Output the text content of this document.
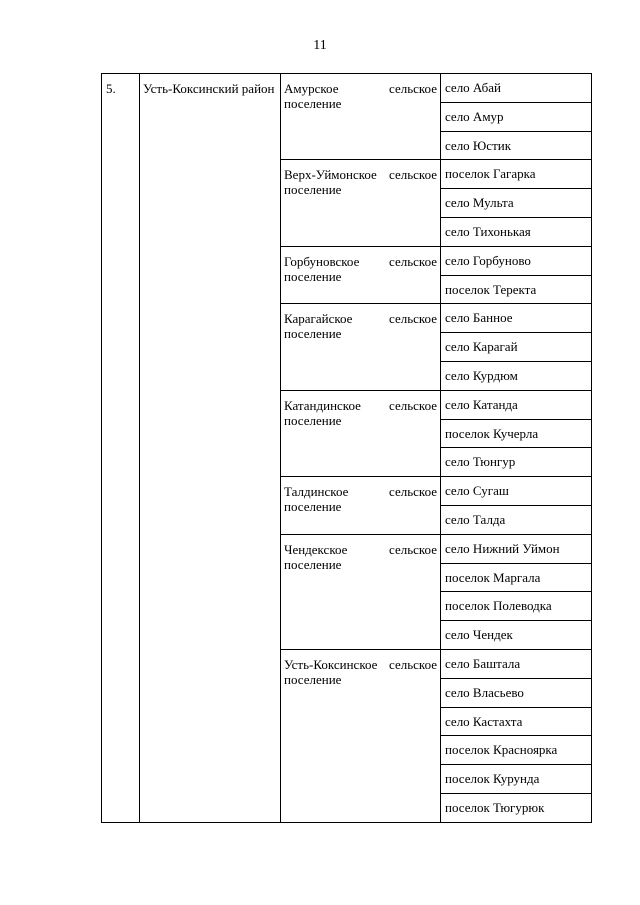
11
5.	Усть-Коксинский район	Амурское сельское поселение	село Абай
			село Амур
			село Юстик
		Верх-Уймонское сельское поселение	поселок Гагарка
			село Мульта
			село Тихонькая
		Горбуновское сельское поселение	село Горбуново
			поселок Теректа
		Карагайское сельское поселение	село Банное
			село Карагай
			село Курдюм
		Катандинское сельское поселение	село Катанда
			поселок Кучерла
			село Тюнгур
		Талдинское сельское поселение	село Сугаш
			село Талда
		Чендекское сельское поселение	село Нижний Уймон
			поселок Маргала
			поселок Полеводка
			село Чендек
		Усть-Коксинское сельское поселение	село Баштала
			село Власьево
			село Кастахта
			поселок Красноярка
			поселок Курунда
			поселок Тюгурюк
